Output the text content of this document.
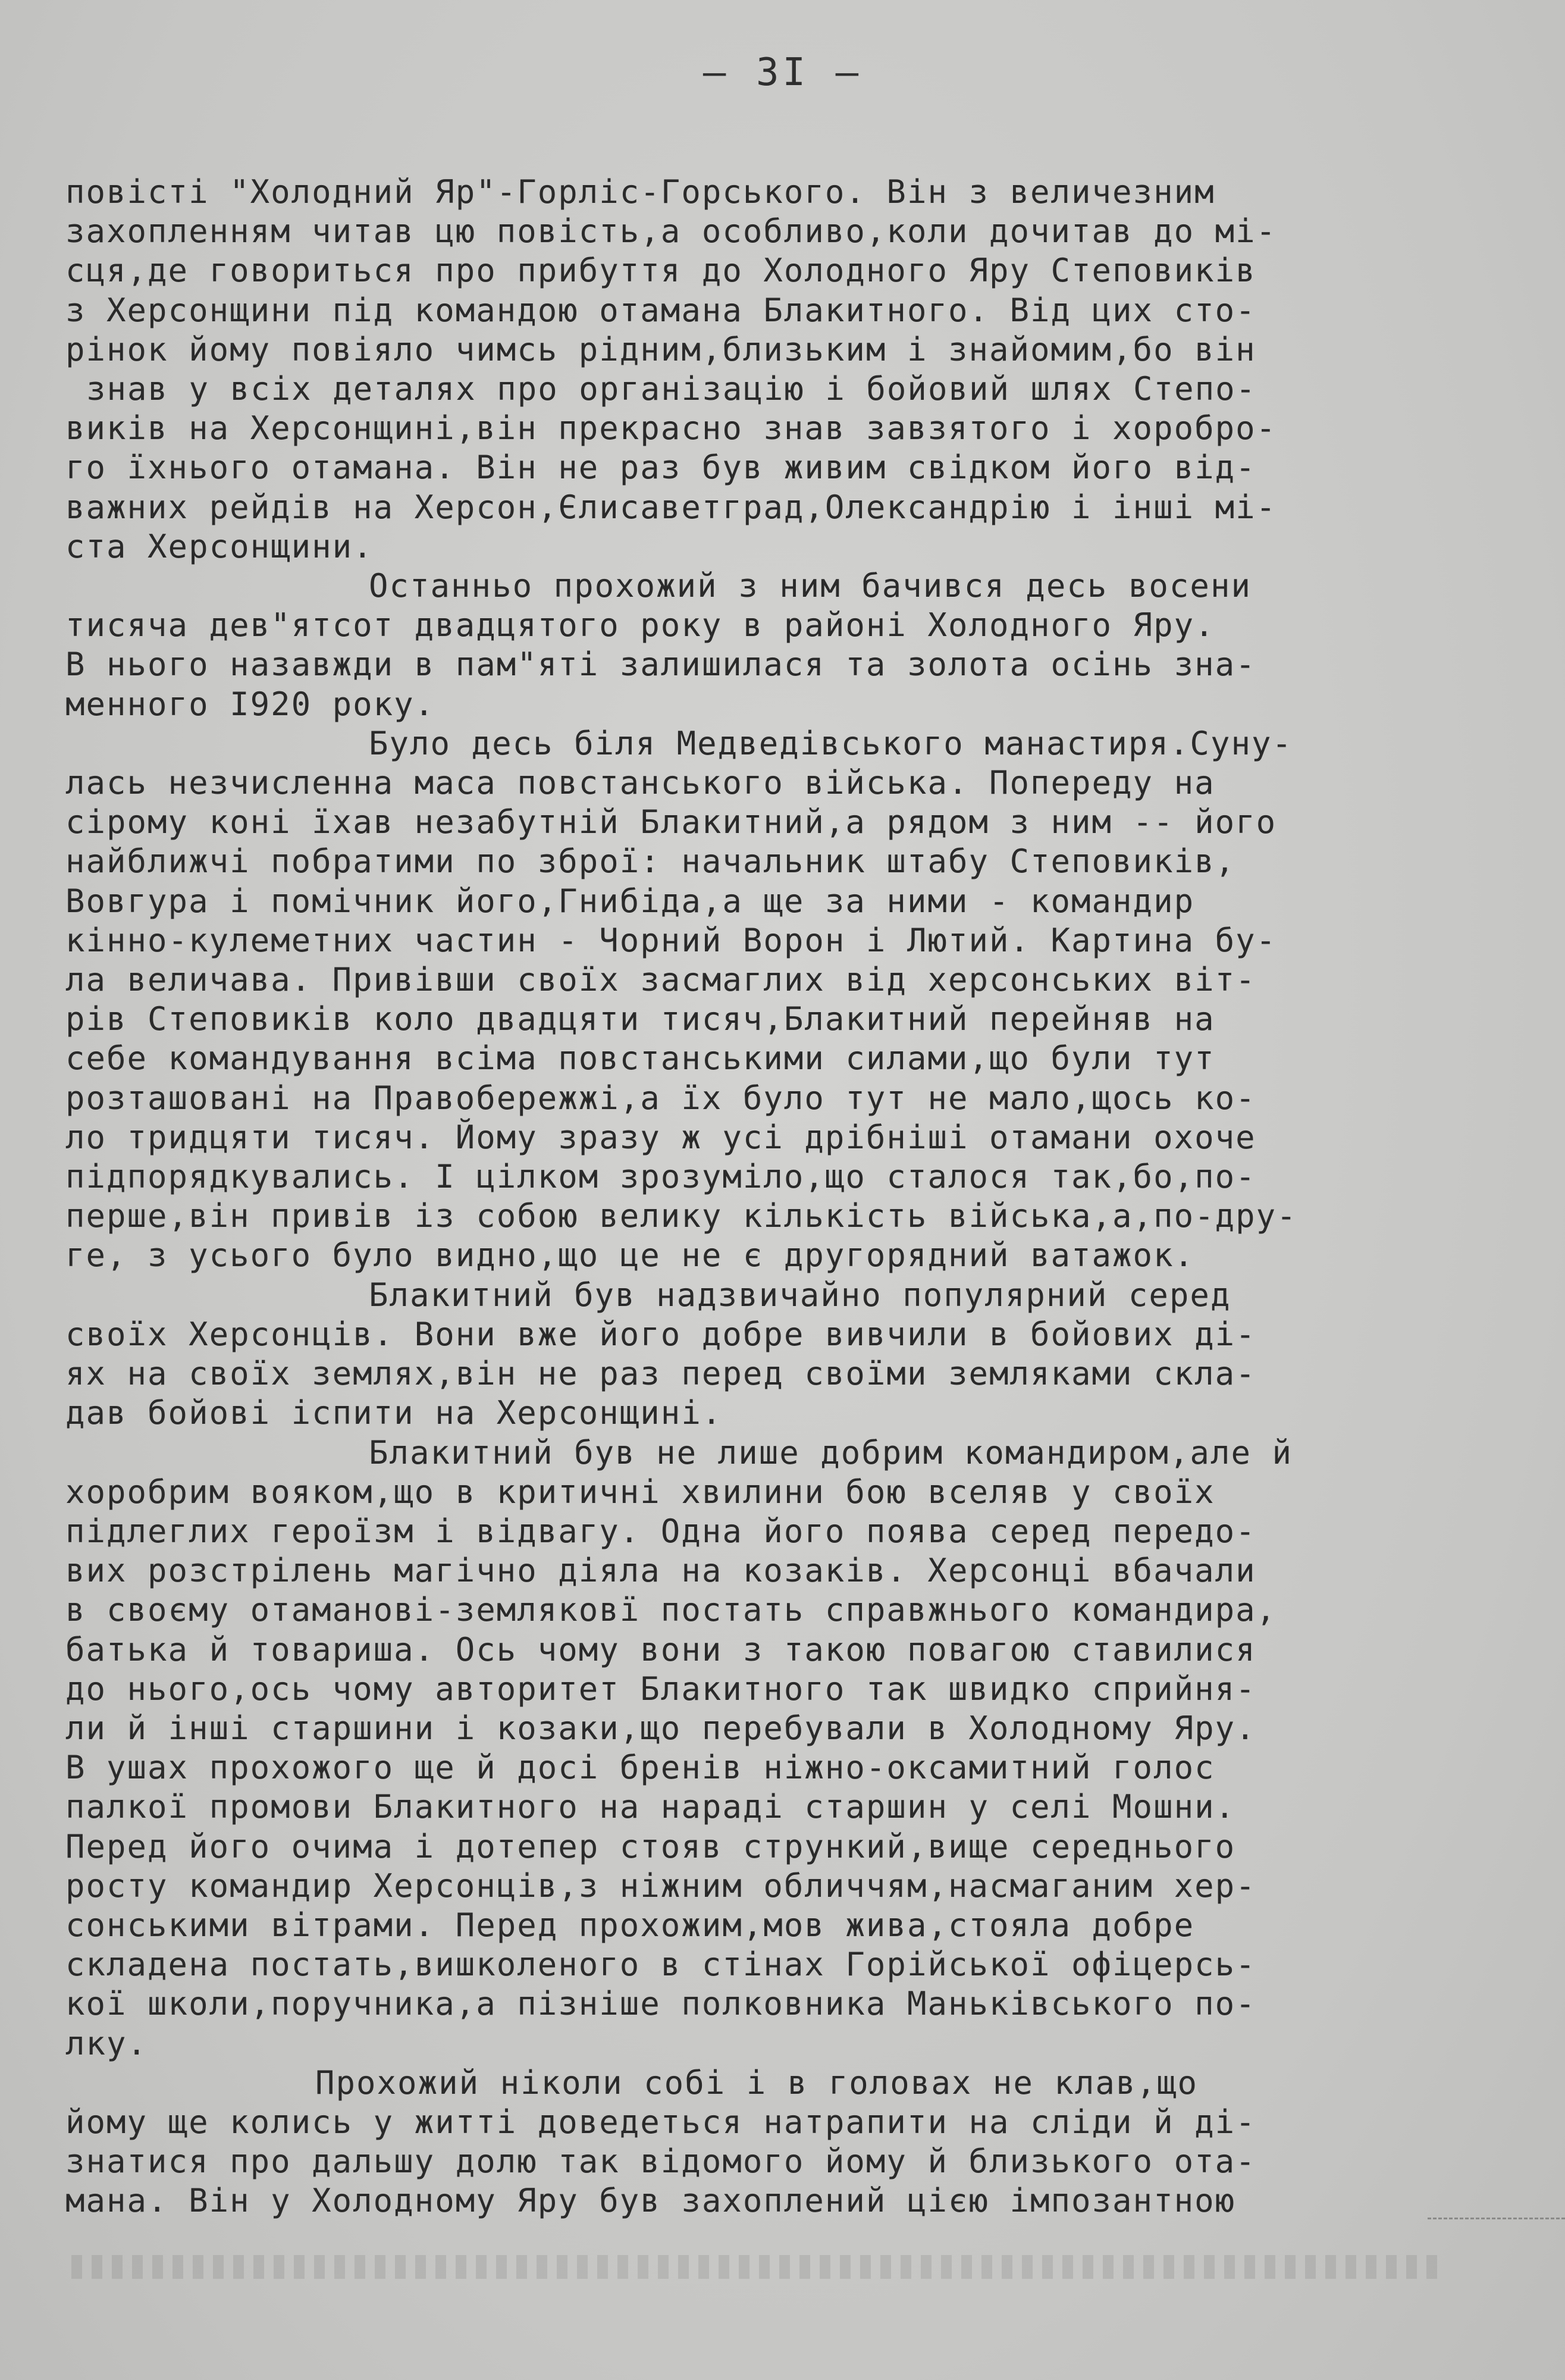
– 3I –
повісті "Холодний Яр"-Горліс-Горського. Він з величезним
захопленням читав цю повість,а особливо,коли дочитав до мі-
сця,де говориться про прибуття до Холодного Яру Степовиків
з Херсонщини під командою отамана Блакитного. Від цих сто-
рінок йому повіяло чимсь рідним,близьким і знайомим,бо він
знав у всіх деталях про організацію і бойовий шлях Степо-
виків на Херсонщині,він прекрасно знав завзятого і хоробро-
го їхнього отамана. Він не раз був живим свідком його від-
важних рейдів на Херсон,Єлисаветград,Олександрію і інші мі-
ста Херсонщини.
Останньо прохожий з ним бачився десь восени
тисяча дев"ятсот двадцятого року в районі Холодного Яру.
В нього назавжди в пам"яті залишилася та золота осінь зна-
менного I920 року.
Було десь біля Медведівського манастиря.Суну-
лась незчисленна маса повстанського війська. Попереду на
сірому коні їхав незабутній Блакитний,а рядом з ним -- його
найближчі побратими по зброї: начальник штабу Степовиків,
Вовгура і помічник його,Гнибіда,а ще за ними - командир
кінно-кулеметних частин - Чорний Ворон і Лютий. Картина бу-
ла величава. Привівши своїх засмаглих від херсонських віт-
рів Степовиків коло двадцяти тисяч,Блакитний перейняв на
себе командування всіма повстанськими силами,що були тут
розташовані на Правобережжі,а їх було тут не мало,щось ко-
ло тридцяти тисяч. Йому зразу ж усі дрібніші отамани охоче
підпорядкувались. І цілком зрозуміло,що сталося так,бо,по-
перше,він привів із собою велику кількість війська,а,по-дру-
ге, з усього було видно,що це не є другорядний ватажок.
Блакитний був надзвичайно популярний серед
своїх Херсонців. Вони вже його добре вивчили в бойових ді-
ях на своїх землях,він не раз перед своїми земляками скла-
дав бойові іспити на Херсонщині.
Блакитний був не лише добрим командиром,але й
хоробрим вояком,що в критичні хвилини бою вселяв у своїх
підлеглих героїзм і відвагу. Одна його поява серед передо-
вих розстрілень магічно діяла на козаків. Херсонці вбачали
в своєму отаманові-земляковї постать справжнього командира,
батька й товариша. Ось чому вони з такою повагою ставилися
до нього,ось чому авторитет Блакитного так швидко сприйня-
ли й інші старшини і козаки,що перебували в Холодному Яру.
В ушах прохожого ще й досі бренів ніжно-оксамитний голос
палкої промови Блакитного на нараді старшин у селі Мошни.
Перед його очима і дотепер стояв стрункий,вище середнього
росту командир Херсонців,з ніжним обличчям,насмаганим хер-
сонськими вітрами. Перед прохожим,мов жива,стояла добре
складена постать,вишколеного в стінах Горійської офіцерсь-
кої школи,поручника,а пізніше полковника Маньківського по-
лку.
Прохожий ніколи собі і в головах не клав,що
йому ще колись у житті доведеться натрапити на сліди й ді-
знатися про дальшу долю так відомого йому й близького ота-
мана. Він у Холодному Яру був захоплений цією імпозантною
